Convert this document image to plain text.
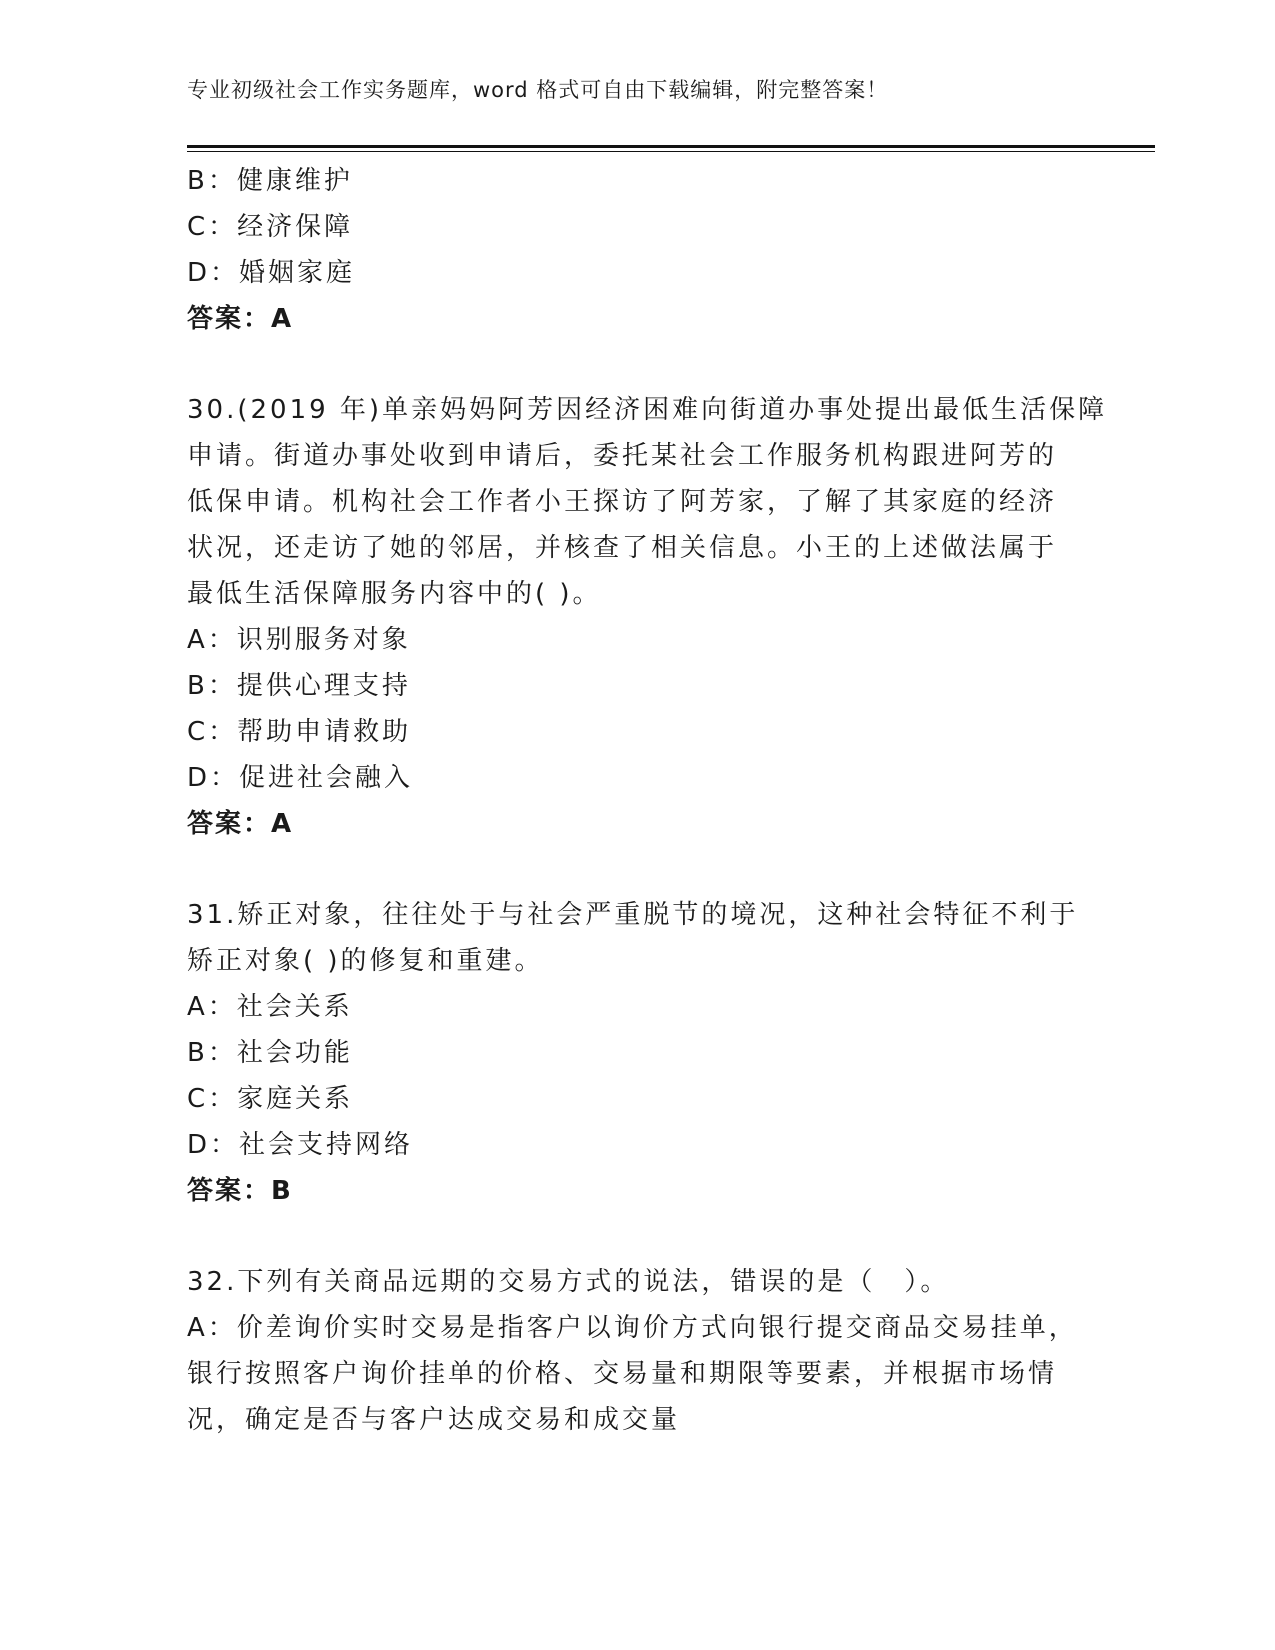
专业初级社会工作实务题库，word 格式可自由下载编辑，附完整答案！
B：健康维护
C：经济保障
D：婚姻家庭
答案：A
30.(2019 年)单亲妈妈阿芳因经济困难向街道办事处提出最低生活保障
申请。街道办事处收到申请后，委托某社会工作服务机构跟进阿芳的
低保申请。机构社会工作者小王探访了阿芳家，了解了其家庭的经济
状况，还走访了她的邻居，并核查了相关信息。小王的上述做法属于
最低生活保障服务内容中的( )。
A：识别服务对象
B：提供心理支持
C：帮助申请救助
D：促进社会融入
答案：A
31.矫正对象，往往处于与社会严重脱节的境况，这种社会特征不利于
矫正对象( )的修复和重建。
A：社会关系
B：社会功能
C：家庭关系
D：社会支持网络
答案：B
32.下列有关商品远期的交易方式的说法，错误的是（　）。
A：价差询价实时交易是指客户以询价方式向银行提交商品交易挂单，
银行按照客户询价挂单的价格、交易量和期限等要素，并根据市场情
况，确定是否与客户达成交易和成交量
